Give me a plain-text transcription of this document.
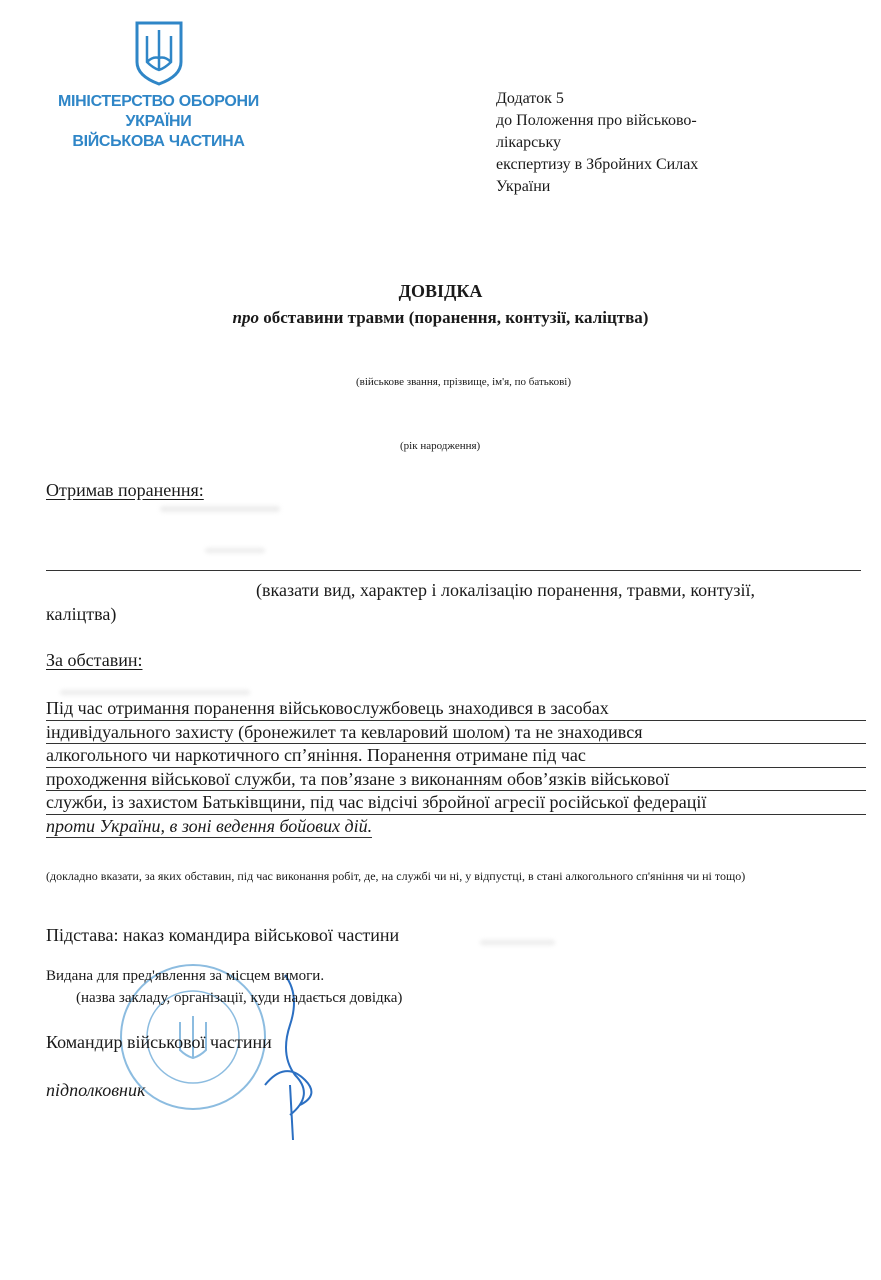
МІНІСТЕРСТВО ОБОРОНИ
УКРАЇНИ
ВІЙСЬКОВА ЧАСТИНА
Додаток 5
до Положення про військово-
лікарську
експертизу в Збройних Силах
України
ДОВІДКА
про обставини травми (поранення, контузії, каліцтва)
(військове звання, прізвище, ім'я, по батькові)
(рік народження)
Отримав поранення:
(вказати вид, характер і локалізацію поранення, травми, контузії,
каліцтва)
За обставин:
Під час отримання поранення військовослужбовець знаходився в засобах
індивідуального захисту (бронежилет та кевларовий шолом) та не знаходився
алкогольного чи наркотичного сп’яніння. Поранення отримане під час
проходження військової служби, та пов’язане з виконанням обов’язків військової
служби, із захистом Батьківщини, під час відсічі збройної агресії російської федерації
проти України, в зоні ведення бойових дій.
(докладно вказати, за яких обставин, під час виконання робіт, де, на службі чи ні, у відпустці, в стані алкогольного сп'яніння чи ні тощо)
Підстава: наказ командира військової частини
Видана для пред'явлення за місцем вимоги.
(назва закладу, організації, куди надається довідка)
Командир військової частини
підполковник
